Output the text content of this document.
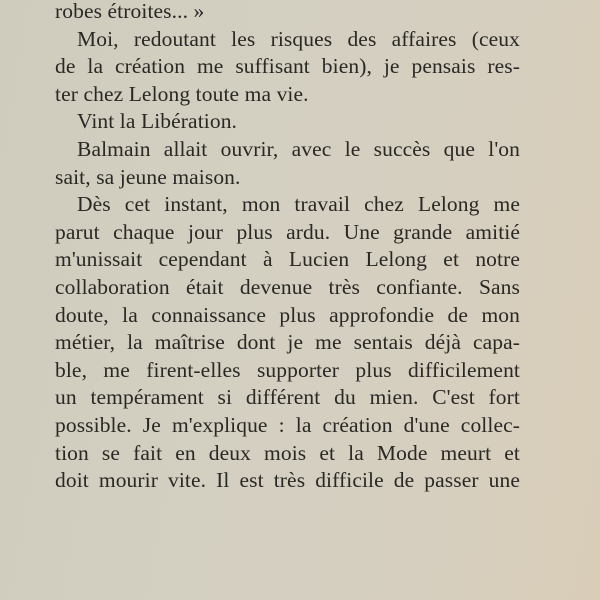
robes étroites... »
Moi, redoutant les risques des affaires (ceux
de la création me suffisant bien), je pensais res-
ter chez Lelong toute ma vie.
Vint la Libération.
Balmain allait ouvrir, avec le succès que l'on
sait, sa jeune maison.
Dès cet instant, mon travail chez Lelong me
parut chaque jour plus ardu. Une grande amitié
m'unissait cependant à Lucien Lelong et notre
collaboration était devenue très confiante. Sans
doute, la connaissance plus approfondie de mon
métier, la maîtrise dont je me sentais déjà capa-
ble, me firent-elles supporter plus difficilement
un tempérament si différent du mien. C'est fort
possible. Je m'explique : la création d'une collec-
tion se fait en deux mois et la Mode meurt et
doit mourir vite. Il est très difficile de passer une
